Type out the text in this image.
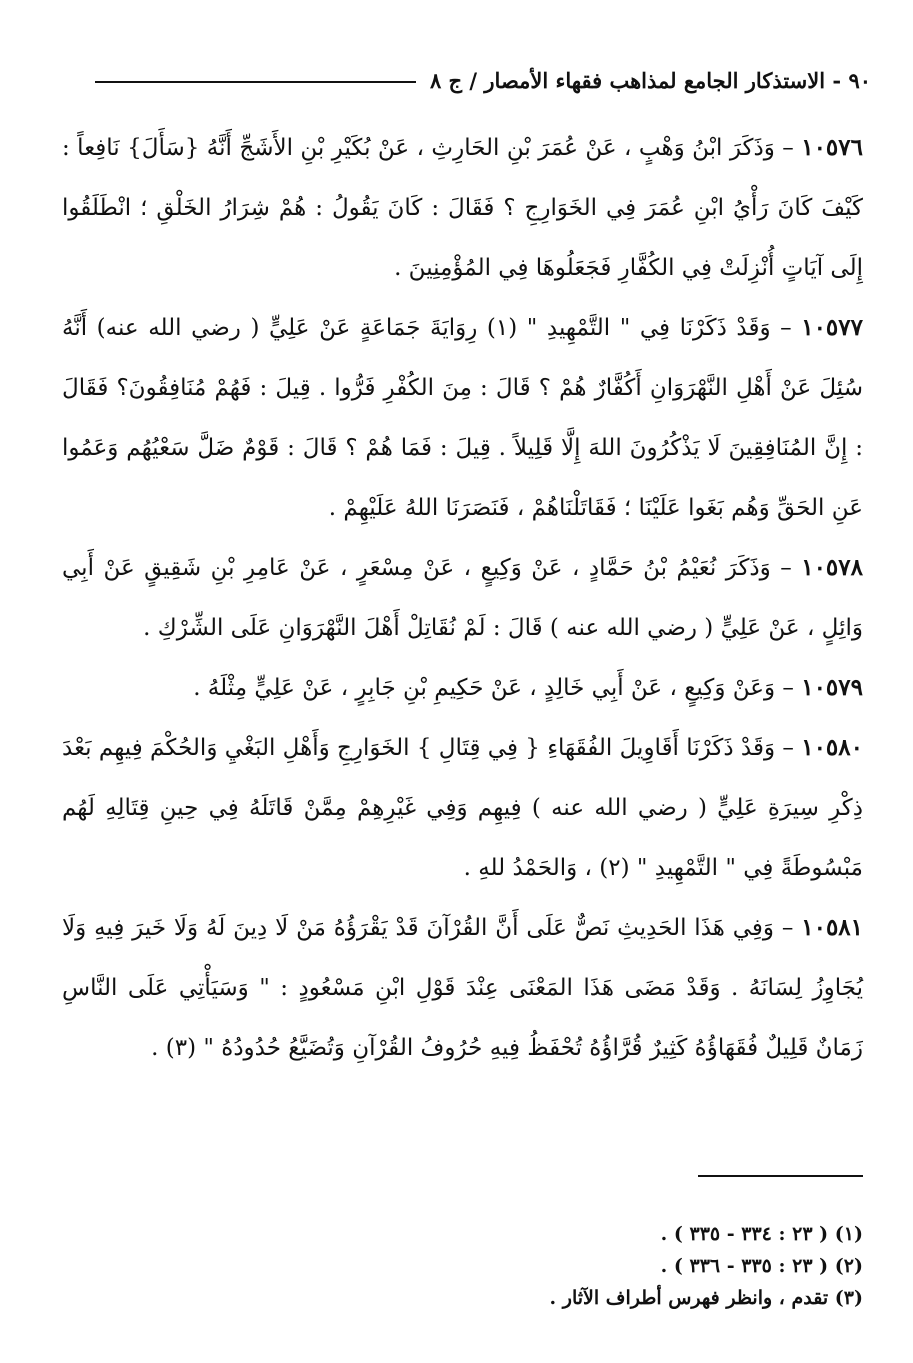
٩٠ - الاستذكار الجامع لمذاهب فقهاء الأمصار / ج ٨

١٠٥٧٦ – وَذَكَرَ ابْنُ وَهْبٍ ، عَنْ عُمَرَ بْنِ الحَارِثِ ، عَنْ بُكَيْرِ بْنِ الأَشَجِّ أَنَّهُ {سَأَلَ} نَافِعاً : كَيْفَ كَانَ رَأْيُ ابْنِ عُمَرَ فِي الخَوَارِجِ ؟ فَقَالَ : كَانَ يَقُولُ : هُمْ شِرَارُ الخَلْقِ ؛ انْطَلَقُوا إِلَى آيَاتٍ أُنْزِلَتْ فِي الكُفَّارِ فَجَعَلُوهَا فِي المُؤْمِنِينَ .

١٠٥٧٧ – وَقَدْ ذَكَرْنَا فِي " التَّمْهِيدِ " (١) رِوَايَةَ جَمَاعَةٍ عَنْ عَلِيٍّ ( رضي الله عنه) أَنَّهُ سُئِلَ عَنْ أَهْلِ النَّهْرَوَانِ أَكُفَّارٌ هُمْ ؟ قَالَ : مِنَ الكُفْرِ فَرُّوا . قِيلَ : فَهُمْ مُنَافِقُونَ؟ فَقَالَ : إِنَّ المُنَافِقِينَ لَا يَذْكُرُونَ اللهَ إِلَّا قَلِيلاً . قِيلَ : فَمَا هُمْ ؟ قَالَ : قَوْمٌ ضَلَّ سَعْيُهُم وَعَمُوا عَنِ الحَقِّ وَهُم بَغَوا عَلَيْنَا ؛ فَقَاتَلْنَاهُمْ ، فَنَصَرَنَا اللهُ عَلَيْهِمْ .

١٠٥٧٨ – وَذَكَرَ نُعَيْمُ بْنُ حَمَّادٍ ، عَنْ وَكِيعٍ ، عَنْ مِسْعَرٍ ، عَنْ عَامِرِ بْنِ شَقِيقٍ عَنْ أَبِي وَائِلٍ ، عَنْ عَلِيٍّ ( رضي الله عنه ) قَالَ : لَمْ نُقَاتِلْ أَهْلَ النَّهْرَوَانِ عَلَى الشِّرْكِ .

١٠٥٧٩ – وَعَنْ وَكِيعٍ ، عَنْ أَبِي خَالِدٍ ، عَنْ حَكِيمِ بْنِ جَابِرٍ ، عَنْ عَلِيٍّ مِثْلَهُ .

١٠٥٨٠ – وَقَدْ ذَكَرْنَا أَقَاوِيلَ الفُقَهَاءِ { فِي قِتَالِ } الخَوَارِجِ وَأَهْلِ البَغْيِ وَالحُكْمَ فِيهِم بَعْدَ ذِكْرِ سِيرَةِ عَلِيٍّ ( رضي الله عنه ) فِيهِم وَفِي غَيْرِهِمْ مِمَّنْ قَاتَلَهُ فِي حِينِ قِتَالِهِ لَهُم مَبْسُوطَةً فِي " التَّمْهِيدِ " (٢) ، وَالحَمْدُ للهِ .

١٠٥٨١ – وَفِي هَذَا الحَدِيثِ نَصٌّ عَلَى أَنَّ القُرْآنَ قَدْ يَقْرَؤُهُ مَنْ لَا دِينَ لَهُ وَلَا خَيرَ فِيهِ وَلَا يُجَاوِزُ لِسَانَهُ . وَقَدْ مَضَى هَذَا المَعْنَى عِنْدَ قَوْلِ ابْنِ مَسْعُودٍ : " وَسَيَأْتِي عَلَى النَّاسِ زَمَانٌ قَلِيلٌ فُقَهَاؤُهُ كَثِيرٌ قُرَّاؤُهُ تُحْفَظُ فِيهِ حُرُوفُ القُرْآنِ وَتُضَيَّعُ حُدُودُهُ " (٣) .

(١) ( ٢٣ : ٣٣٤ - ٣٣٥ ) .

(٢) ( ٢٣ : ٣٣٥ - ٣٣٦ ) .

(٣) تقدم ، وانظر فهرس أطراف الآثار .
